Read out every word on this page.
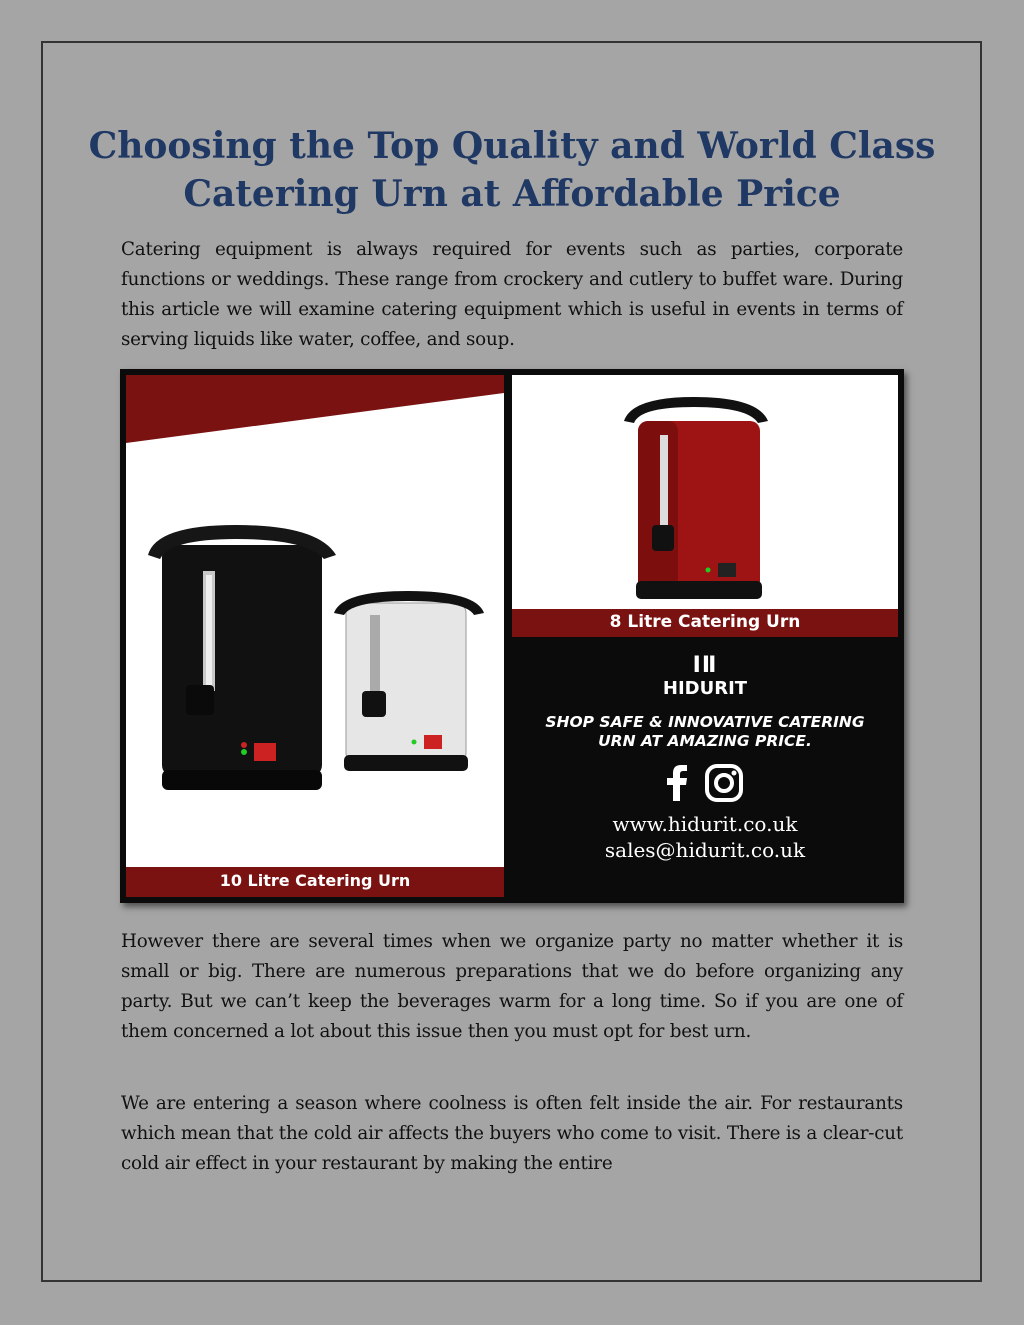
Choosing the Top Quality and World Class Catering Urn at Affordable Price

Catering equipment is always required for events such as parties, corporate functions or weddings. These range from crockery and cutlery to buffet ware. During this article we will examine catering equipment which is useful in events in terms of serving liquids like water, coffee, and soup.

10 Litre Catering Urn
8 Litre Catering Urn
ⅠⅡ
HIDURIT
SHOP SAFE & INNOVATIVE CATERING URN AT AMAZING PRICE.

www.hidurit.co.uk
sales@hidurit.co.uk

However there are several times when we organize party no matter whether it is small or big. There are numerous preparations that we do before organizing any party. But we can’t keep the beverages warm for a long time. So if you are one of them concerned a lot about this issue then you must opt for best urn.

We are entering a season where coolness is often felt inside the air. For restaurants which mean that the cold air affects the buyers who come to visit. There is a clear-cut cold air effect in your restaurant by making the entire
